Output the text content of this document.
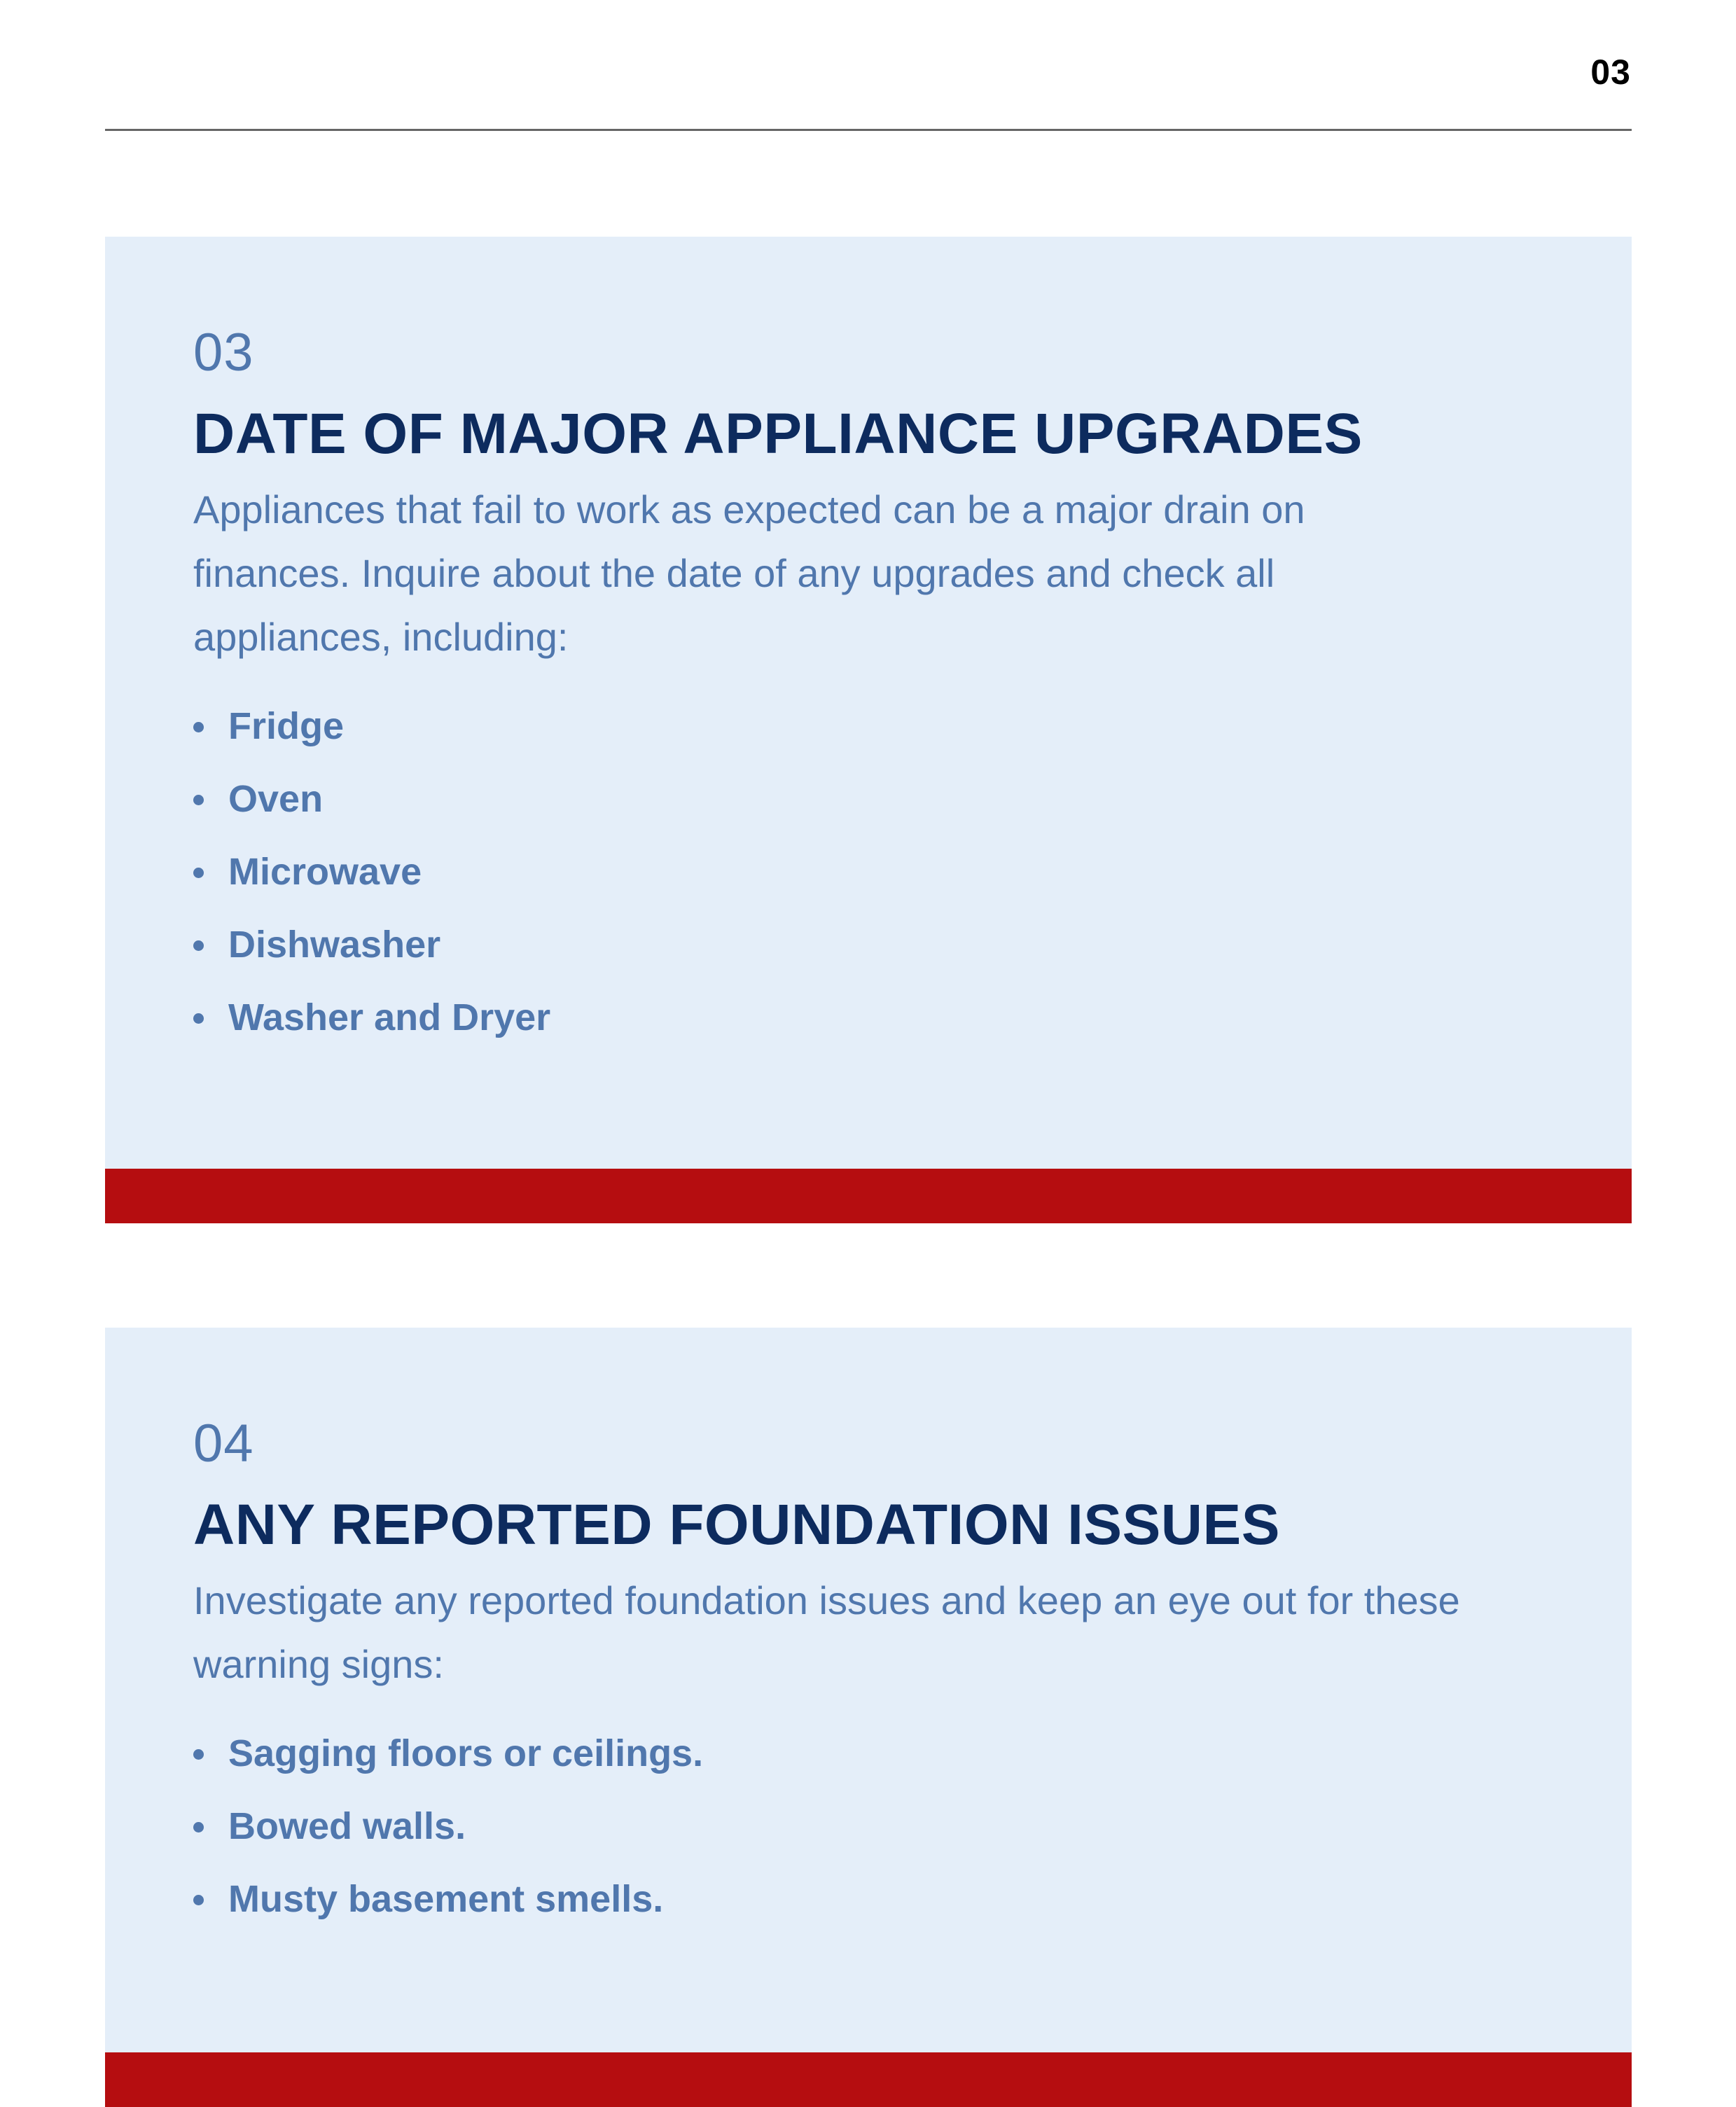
03
03
DATE OF MAJOR APPLIANCE UPGRADES

Appliances that fail to work as expected can be a major drain on finances. Inquire about the date of any upgrades and check all appliances, including:

Fridge
Oven
Microwave
Dishwasher
Washer and Dryer
04
ANY REPORTED FOUNDATION ISSUES

Investigate any reported foundation issues and keep an eye out for these warning signs:

Sagging floors or ceilings.
Bowed walls.
Musty basement smells.
